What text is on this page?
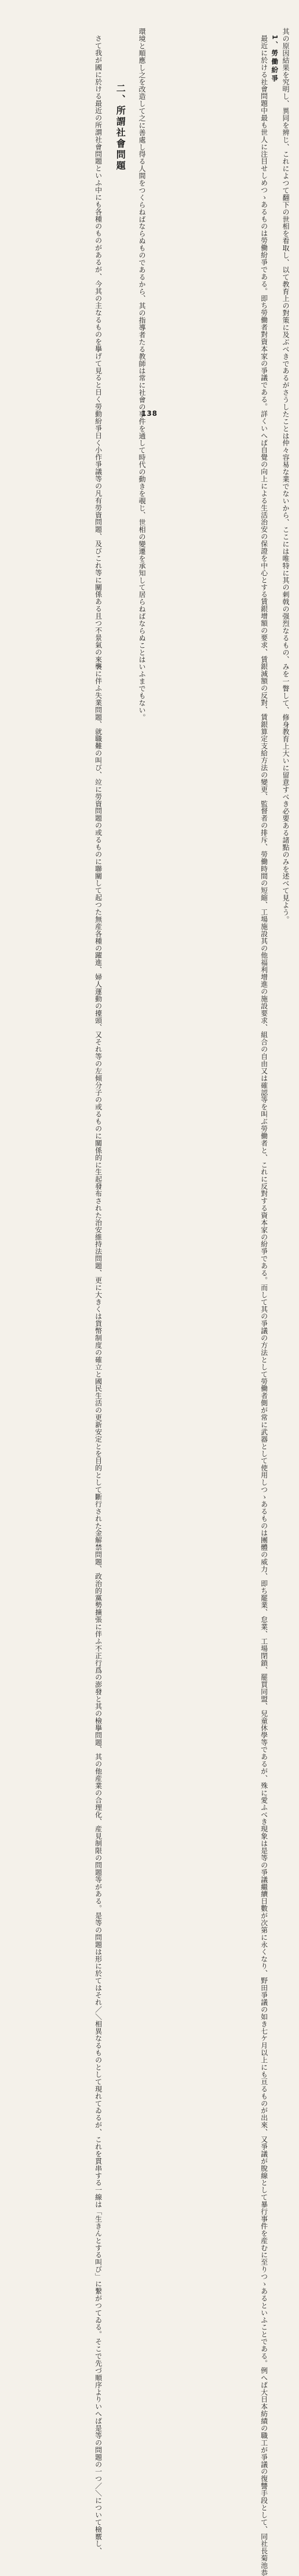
環境と順應し之を改造して之に善處し得る人間をつくらねばならぬものであるから、其の指導者たる教師は常に社會の事件を通して時代の動きを覗じ、世相の變遷を承知して居らねばならぬことはいふまでもない。
二、所謂社會問題
さて我が國に於ける最近の所謂社會問題といふ中にも各種のものがあるが、今其の主なるものを擧げて見ると日く勞動紛爭日く小作爭議等の凡有勞資問題、及びこれ等に關係ある且つ不景氣の來襲に伴ふ失業問題、就職難の叫び、竝に勞資問題の或るものに聯關して起つた無産各種の躍進、婦人運動の擡頭、又それ等の左傾分子の或るものに關係的に生起發布された治安維持法問題、更に大きくは貨幣制度の確立と國民生活の更新安定とを目的として斷行された金解禁問題、政治的黨勢擴張に伴ふ不正行爲の澎發と其の檢擧問題、其の他産業の合理化、産見制限の問題等がある。是等の問題は形に於てはそれ／＼相異なるものとして現れてゐるが、これを貫串する一線は「生きんとする叫び」に繋がつてゐる。そこで先づ順序よりいへば是等の問題の一つ／＼について檢覈し、	其の原因結果を究明し、異同を辨じ、これによつて翻下の世相を看取し、以て教育上の對策に及ぶべきであるがさうしたことは仲々容易な業でないから、ここには唯特に其の刺戟の强烈なるもの、みを一瞥して、修身教育上大いに留意すべき必要ある諸點のみを述べて見よう。
1、勞働紛爭
最近に於ける社會問題中最も世人に注目せしめつゝあるものは勞働紛爭である。即ち勞働者對資本家の爭議である。詳くいへば自覺の向上による生活治安の保證を中心とする賃銀增額の要求、賃銀減額の反對、賃銀算定支給方法の變更、監督者の排斥、勞働時間の短縮、工場施設其の他福利增進の施設要求、組合の自由又は確認等を叫ぶ勞働者と、これに反對する資本家の紛爭である。而して其の爭議の方法として勞働者側が常に武器として使用しつゝあるものは團體の威力、即ち罷業、怠業、工場閉鎖、罷買同盟、兒童休學等であるが、殊に愛ふべき現象は是等の爭議繼續日數が次第に永くなり、野田爭議の如き七ケ月以上にも亘るものが出來、又爭議が脫線として暴行事件を産むに至りつゝあるといふことである。例へば大日本紡績の職工が爭議の復讐手段として、同社長菊池恭
138
